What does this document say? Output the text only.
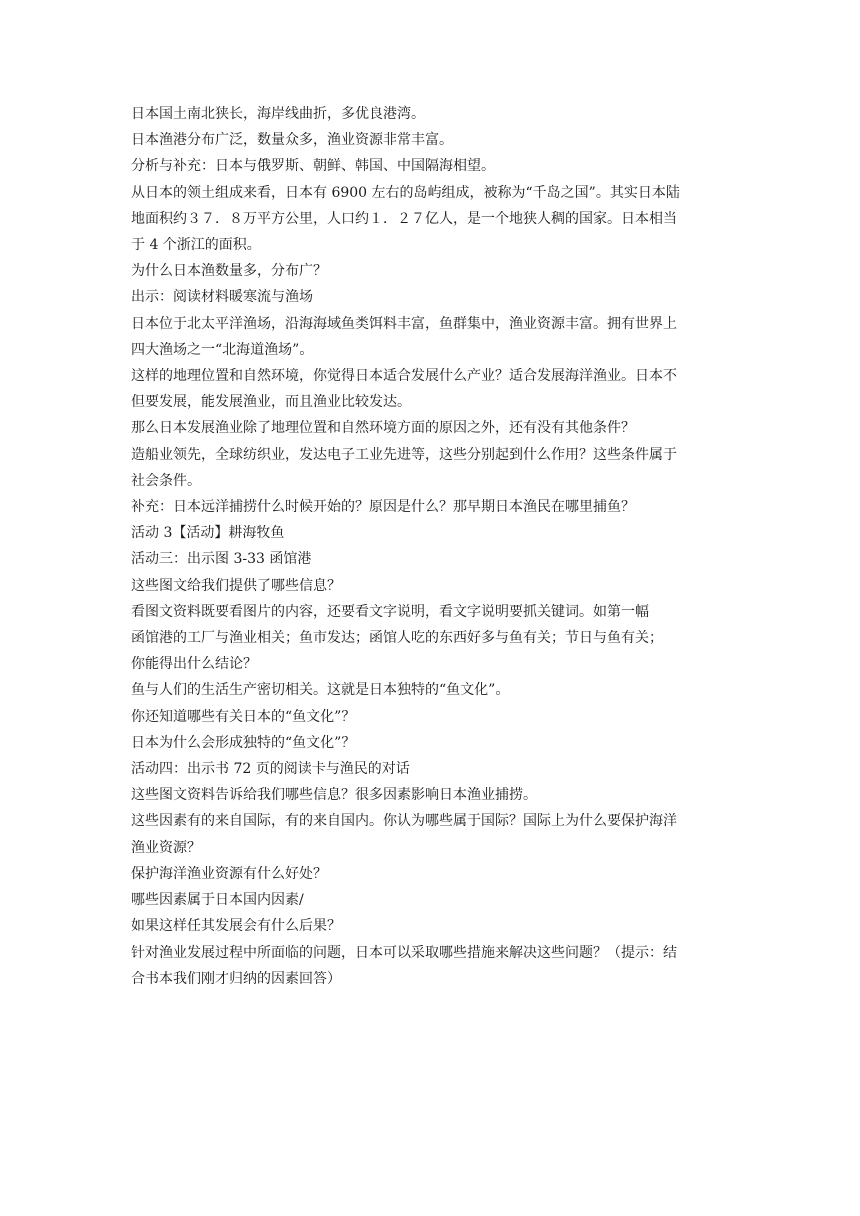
日本国土南北狭长，海岸线曲折，多优良港湾。

日本渔港分布广泛，数量众多，渔业资源非常丰富。

分析与补充：日本与俄罗斯、朝鲜、韩国、中国隔海相望。

从日本的领土组成来看，日本有 6900 左右的岛屿组成，被称为“千岛之国”。其实日本陆

地面积约３７．８万平方公里，人口约１．２７亿人，是一个地狭人稠的国家。日本相当

于 4 个浙江的面积。

为什么日本渔数量多，分布广？

出示：阅读材料暖寒流与渔场

日本位于北太平洋渔场，沿海海域鱼类饵料丰富，鱼群集中，渔业资源丰富。拥有世界上

四大渔场之一“北海道渔场”。

这样的地理位置和自然环境，你觉得日本适合发展什么产业？适合发展海洋渔业。日本不

但要发展，能发展渔业，而且渔业比较发达。

那么日本发展渔业除了地理位置和自然环境方面的原因之外，还有没有其他条件？

造船业领先，全球纺织业，发达电子工业先进等，这些分别起到什么作用？这些条件属于

社会条件。

补充：日本远洋捕捞什么时候开始的？原因是什么？那早期日本渔民在哪里捕鱼？

活动 3【活动】耕海牧鱼

活动三：出示图 3-33 函馆港

这些图文给我们提供了哪些信息？

看图文资料既要看图片的内容，还要看文字说明，看文字说明要抓关键词。如第一幅

函馆港的工厂与渔业相关；鱼市发达；函馆人吃的东西好多与鱼有关；节日与鱼有关；

你能得出什么结论？

鱼与人们的生活生产密切相关。这就是日本独特的“鱼文化”。

你还知道哪些有关日本的“鱼文化”？

日本为什么会形成独特的“鱼文化”？

活动四：出示书 72 页的阅读卡与渔民的对话

这些图文资料告诉给我们哪些信息？很多因素影响日本渔业捕捞。

这些因素有的来自国际，有的来自国内。你认为哪些属于国际？国际上为什么要保护海洋

渔业资源？

保护海洋渔业资源有什么好处？

哪些因素属于日本国内因素/

如果这样任其发展会有什么后果？

针对渔业发展过程中所面临的问题，日本可以采取哪些措施来解决这些问题？（提示：结

合书本我们刚才归纳的因素回答）
